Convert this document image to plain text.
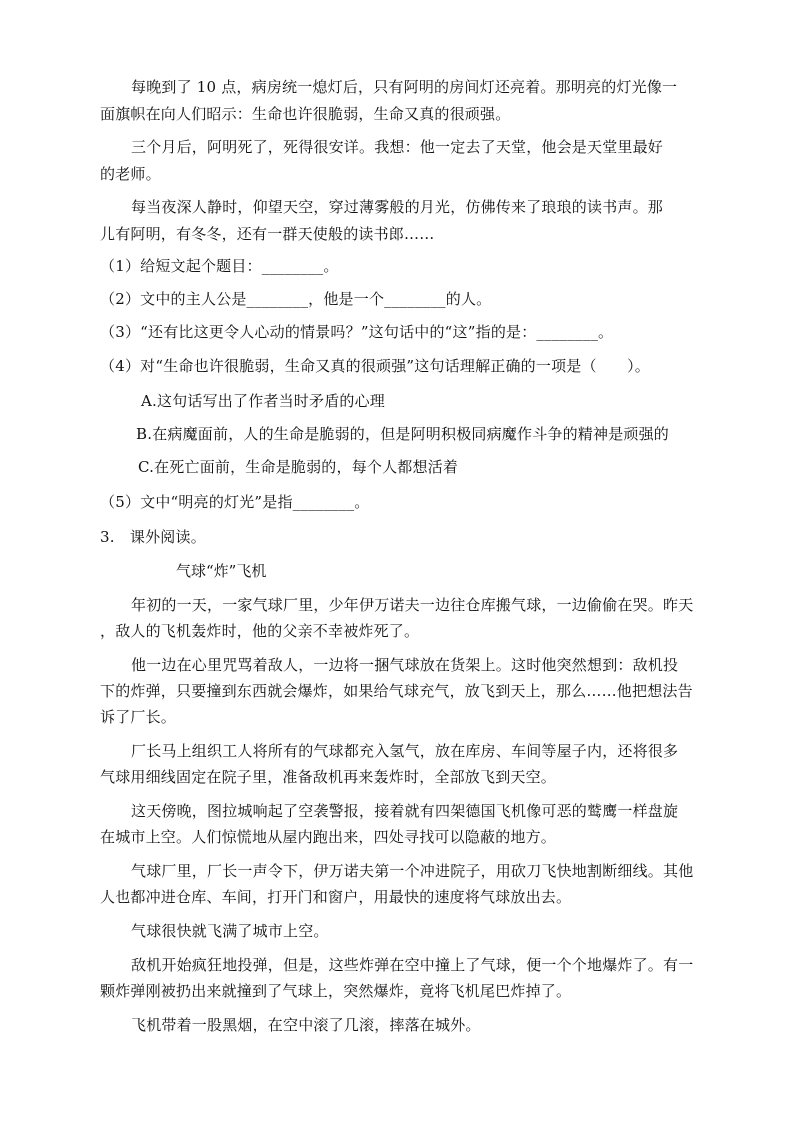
每晚到了 10 点，病房统一熄灯后，只有阿明的房间灯还亮着。那明亮的灯光像一
面旗帜在向人们昭示：生命也许很脆弱，生命又真的很顽强。
三个月后，阿明死了，死得很安详。我想：他一定去了天堂，他会是天堂里最好
的老师。
每当夜深人静时，仰望天空，穿过薄雾般的月光，仿佛传来了琅琅的读书声。那
儿有阿明，有冬冬，还有一群天使般的读书郎……
（1）给短文起个题目：________。
（2）文中的主人公是________，他是一个________的人。
（3）“还有比这更令人心动的情景吗？”这句话中的“这”指的是：________。
（4）对“生命也许很脆弱，生命又真的很顽强”这句话理解正确的一项是（　　）。
A.这句话写出了作者当时矛盾的心理
B.在病魔面前，人的生命是脆弱的，但是阿明积极同病魔作斗争的精神是顽强的
C.在死亡面前，生命是脆弱的，每个人都想活着
（5）文中“明亮的灯光”是指________。
3.　课外阅读。
气球“炸”飞机
年初的一天，一家气球厂里，少年伊万诺夫一边往仓库搬气球，一边偷偷在哭。昨天
，敌人的飞机轰炸时，他的父亲不幸被炸死了。
他一边在心里咒骂着敌人，一边将一捆气球放在货架上。这时他突然想到：敌机投
下的炸弹，只要撞到东西就会爆炸，如果给气球充气，放飞到天上，那么……他把想法告
诉了厂长。
厂长马上组织工人将所有的气球都充入氢气，放在库房、车间等屋子内，还将很多
气球用细线固定在院子里，准备敌机再来轰炸时，全部放飞到天空。
这天傍晚，图拉城响起了空袭警报，接着就有四架德国飞机像可恶的鹫鹰一样盘旋
在城市上空。人们惊慌地从屋内跑出来，四处寻找可以隐蔽的地方。
气球厂里，厂长一声令下，伊万诺夫第一个冲进院子，用砍刀飞快地割断细线。其他
人也都冲进仓库、车间，打开门和窗户，用最快的速度将气球放出去。
气球很快就飞满了城市上空。
敌机开始疯狂地投弹，但是，这些炸弹在空中撞上了气球，便一个个地爆炸了。有一
颗炸弹刚被扔出来就撞到了气球上，突然爆炸，竟将飞机尾巴炸掉了。
飞机带着一股黑烟，在空中滚了几滚，摔落在城外。
